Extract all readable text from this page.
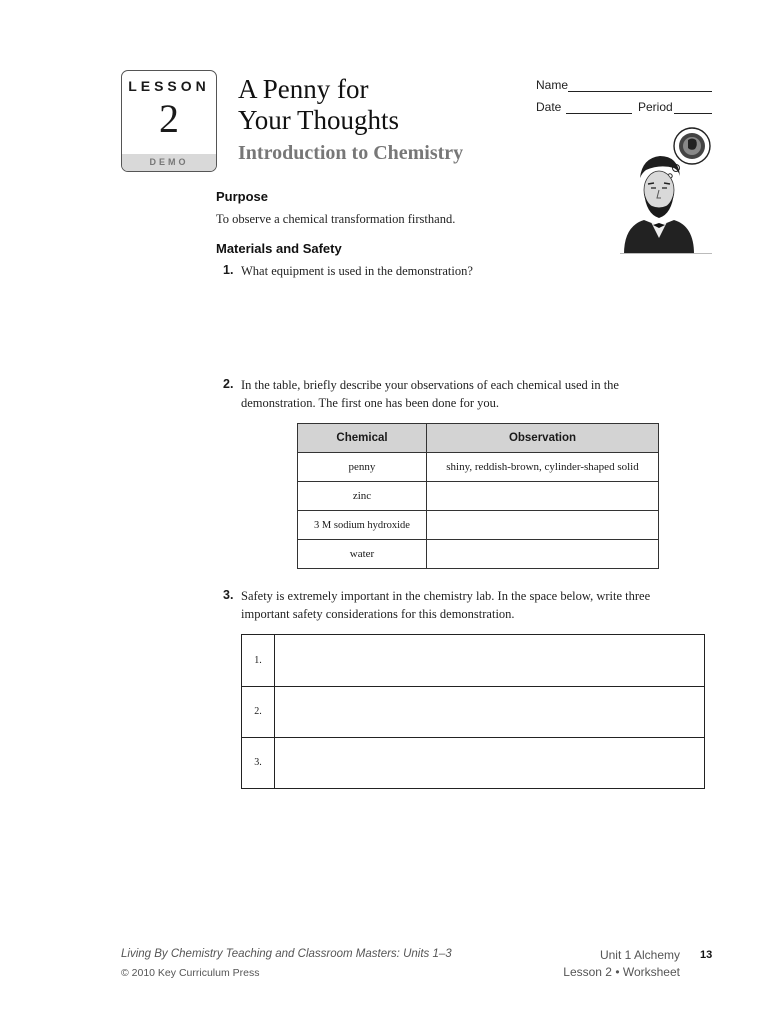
LESSON
2
DEMO
A Penny for
Your Thoughts
Introduction to Chemistry
Name
Date	Period
Purpose
To observe a chemical transformation firsthand.
Materials and Safety
1. What equipment is used in the demonstration?
2. In the table, briefly describe your observations of each chemical used in the
demonstration. The first one has been done for you.
Chemical	Observation
penny	shiny, reddish-brown, cylinder-shaped solid
zinc	
3 M sodium hydroxide	
water	
3. Safety is extremely important in the chemistry lab. In the space below, write three
important safety considerations for this demonstration.
1.
2.
3.
Living By Chemistry Teaching and Classroom Masters: Units 1–3
© 2010 Key Curriculum Press
Unit 1 Alchemy
Lesson 2 • Worksheet
13
